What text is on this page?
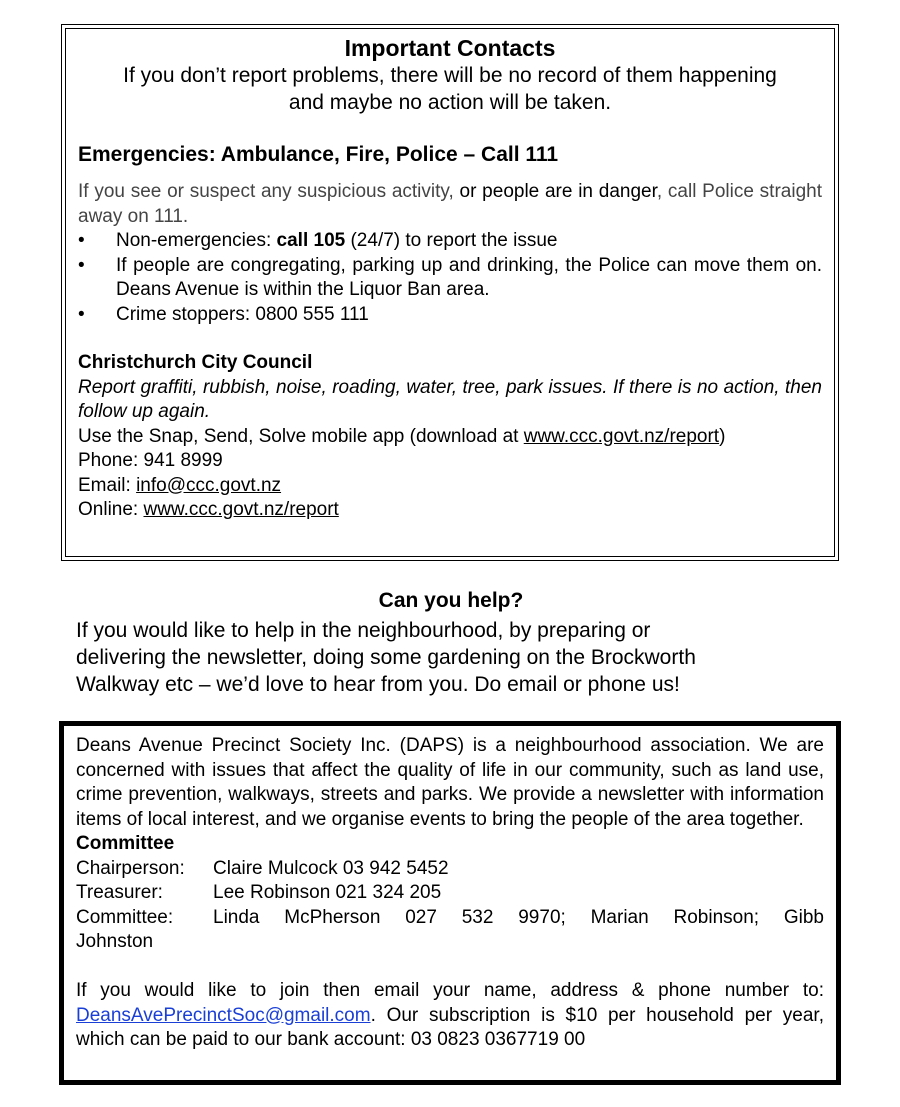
Important Contacts
If you don’t report problems, there will be no record of them happening
and maybe no action will be taken.
Emergencies: Ambulance, Fire, Police – Call 111

If you see or suspect any suspicious activity, or people are in danger, call Police straight away on 111.

• Non-emergencies: call 105 (24/7) to report the issue
• If people are congregating, parking up and drinking, the Police can move them on. Deans Avenue is within the Liquor Ban area.
• Crime stoppers: 0800 555 111
Christchurch City Council

Report graffiti, rubbish, noise, roading, water, tree, park issues. If there is no action, then follow up again.

Use the Snap, Send, Solve mobile app (download at www.ccc.govt.nz/report)
Phone: 941 8999
Email: info@ccc.govt.nz
Online: www.ccc.govt.nz/report
Can you help?
If you would like to help in the neighbourhood, by preparing or
delivering the newsletter, doing some gardening on the Brockworth
Walkway etc – we’d love to hear from you. Do email or phone us!

Deans Avenue Precinct Society Inc. (DAPS) is a neighbourhood association. We are concerned with issues that affect the quality of life in our community, such as land use, crime prevention, walkways, streets and parks. We provide a newsletter with information items of local interest, and we organise events to bring the people of the area together.

Committee
Chairperson:	Claire Mulcock 03 942 5452
Treasurer:	Lee Robinson 021 324 205
Committee:	Linda McPherson 027 532 9970; Marian Robinson; Gibb
Johnston

If you would like to join then email your name, address & phone number to: DeansAvePrecinctSoc@gmail.com. Our subscription is $10 per household per year, which can be paid to our bank account: 03 0823 0367719 00
